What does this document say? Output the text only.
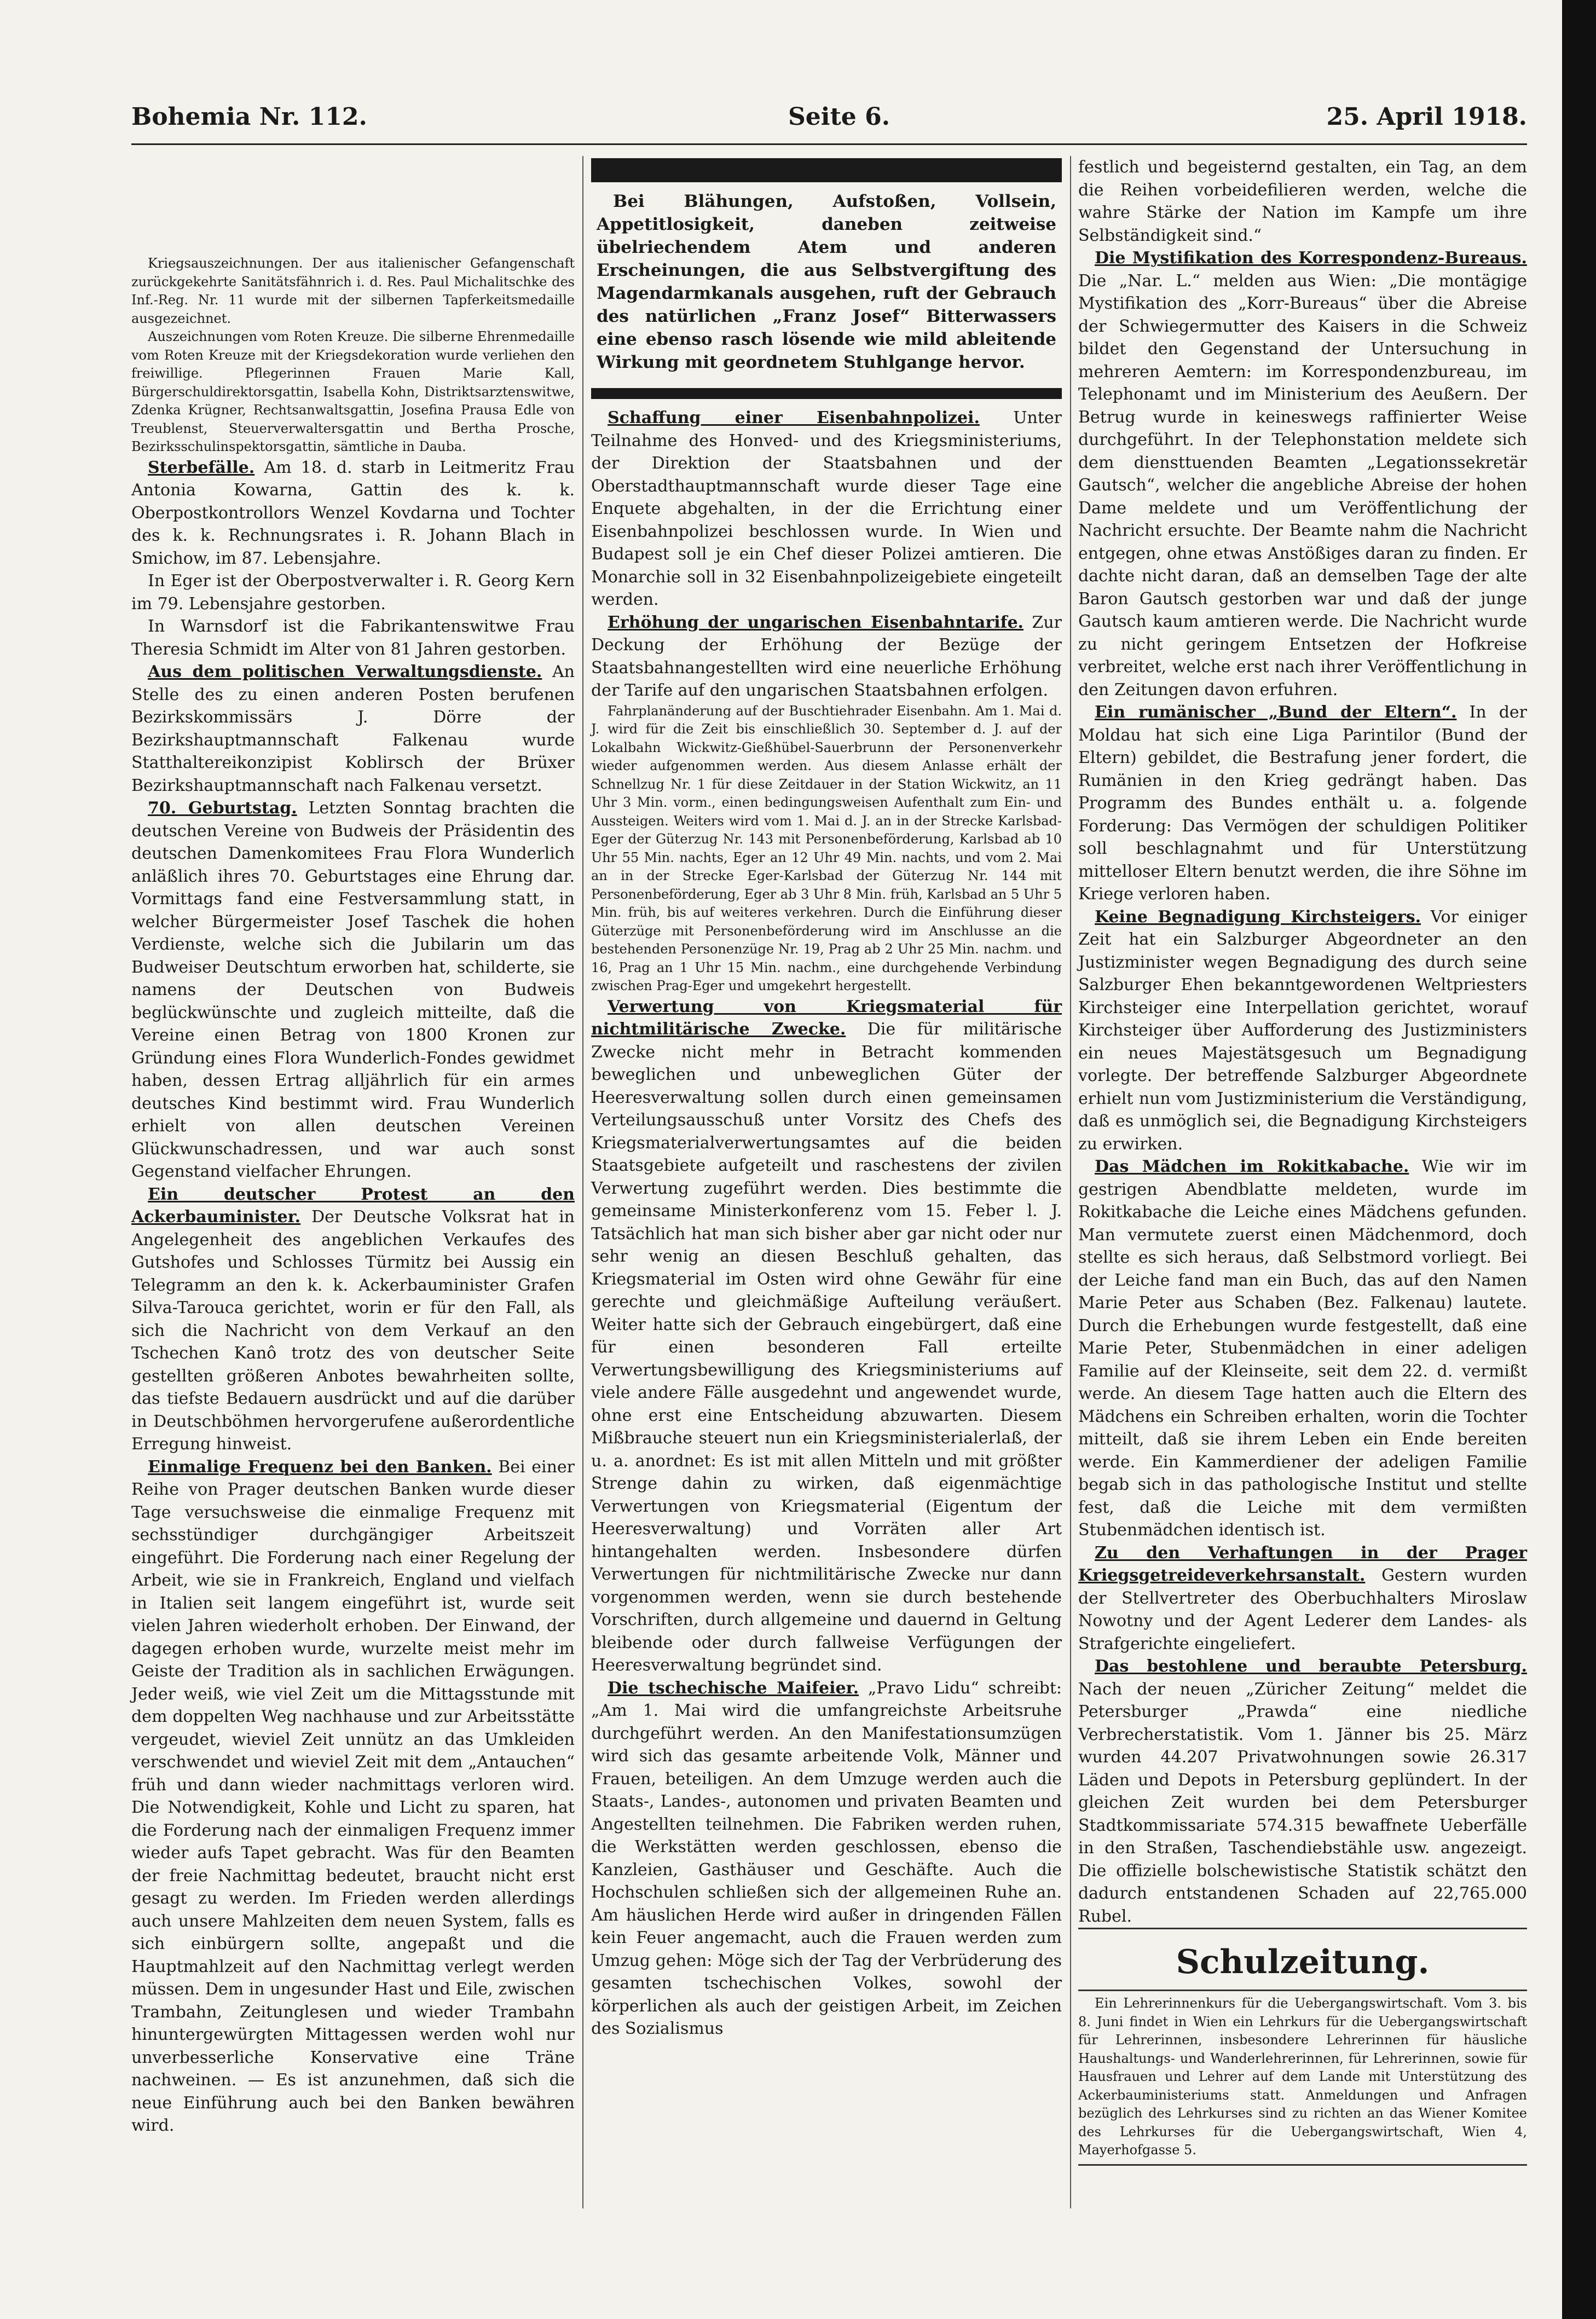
Bohemia Nr. 112.	Seite 6.	25. April 1918.

Kriegsauszeichnungen. Der aus italienischer Gefangenschaft zurückgekehrte Sanitätsfähnrich i. d. Res. Paul Michalitschke des Inf.-Reg. Nr. 11 wurde mit der silbernen Tapferkeitsmedaille ausgezeichnet.

Auszeichnungen vom Roten Kreuze. Die silberne Ehrenmedaille vom Roten Kreuze mit der Kriegsdekoration wurde verliehen den freiwillige. Pflegerinnen Frauen Marie Kall, Bürgerschuldirektorsgattin, Isabella Kohn, Distriktsarztenswitwe, Zdenka Krügner, Rechtsanwaltsgattin, Josefina Prausa Edle von Treublenst, Steuerverwaltersgattin und Bertha Prosche, Bezirksschulinspektorsgattin, sämtliche in Dauba.

Sterbefälle. Am 18. d. starb in Leitmeritz Frau Antonia Kowarna, Gattin des k. k. Oberpostkontrollors Wenzel Kovdarna und Tochter des k. k. Rechnungsrates i. R. Johann Blach in Smichow, im 87. Lebensjahre.

In Eger ist der Oberpostverwalter i. R. Georg Kern im 79. Lebensjahre gestorben.

In Warnsdorf ist die Fabrikantenswitwe Frau Theresia Schmidt im Alter von 81 Jahren gestorben.

Aus dem politischen Verwaltungsdienste. An Stelle des zu einen anderen Posten berufenen Bezirkskommissärs J. Dörre der Bezirkshauptmannschaft Falkenau wurde Statthaltereikonzipist Koblirsch der Brüxer Bezirkshauptmannschaft nach Falkenau versetzt.

70. Geburtstag. Letzten Sonntag brachten die deutschen Vereine von Budweis der Präsidentin des deutschen Damenkomitees Frau Flora Wunderlich anläßlich ihres 70. Geburtstages eine Ehrung dar. Vormittags fand eine Festversammlung statt, in welcher Bürgermeister Josef Taschek die hohen Verdienste, welche sich die Jubilarin um das Budweiser Deutschtum erworben hat, schilderte, sie namens der Deutschen von Budweis beglückwünschte und zugleich mitteilte, daß die Vereine einen Betrag von 1800 Kronen zur Gründung eines Flora Wunderlich-Fondes gewidmet haben, dessen Ertrag alljährlich für ein armes deutsches Kind bestimmt wird. Frau Wunderlich erhielt von allen deutschen Vereinen Glückwunschadressen, und war auch sonst Gegenstand vielfacher Ehrungen.

Ein deutscher Protest an den Ackerbauminister. Der Deutsche Volksrat hat in Angelegenheit des angeblichen Verkaufes des Gutshofes und Schlosses Türmitz bei Aussig ein Telegramm an den k. k. Ackerbauminister Grafen Silva-Tarouca gerichtet, worin er für den Fall, als sich die Nachricht von dem Verkauf an den Tschechen Kanô trotz des von deutscher Seite gestellten größeren Anbotes bewahrheiten sollte, das tiefste Bedauern ausdrückt und auf die darüber in Deutschböhmen hervorgerufene außerordentliche Erregung hinweist.

Einmalige Frequenz bei den Banken. Bei einer Reihe von Prager deutschen Banken wurde dieser Tage versuchsweise die einmalige Frequenz mit sechsstündiger durchgängiger Arbeitszeit eingeführt. Die Forderung nach einer Regelung der Arbeit, wie sie in Frankreich, England und vielfach in Italien seit langem eingeführt ist, wurde seit vielen Jahren wiederholt erhoben. Der Einwand, der dagegen erhoben wurde, wurzelte meist mehr im Geiste der Tradition als in sachlichen Erwägungen. Jeder weiß, wie viel Zeit um die Mittagsstunde mit dem doppelten Weg nachhause und zur Arbeitsstätte vergeudet, wieviel Zeit unnütz an das Umkleiden verschwendet und wieviel Zeit mit dem „Antauchen“ früh und dann wieder nachmittags verloren wird. Die Notwendigkeit, Kohle und Licht zu sparen, hat die Forderung nach der einmaligen Frequenz immer wieder aufs Tapet gebracht. Was für den Beamten der freie Nachmittag bedeutet, braucht nicht erst gesagt zu werden. Im Frieden werden allerdings auch unsere Mahlzeiten dem neuen System, falls es sich einbürgern sollte, angepaßt und die Hauptmahlzeit auf den Nachmittag verlegt werden müssen. Dem in ungesunder Hast und Eile, zwischen Trambahn, Zeitunglesen und wieder Trambahn hinuntergewürgten Mittagessen werden wohl nur unverbesserliche Konservative eine Träne nachweinen. — Es ist anzunehmen, daß sich die neue Einführung auch bei den Banken bewähren wird.

Bei Blähungen, Aufstoßen, Vollsein, Appetitlosigkeit, daneben zeitweise übelriechendem Atem und anderen Erscheinungen, die aus Selbstvergiftung des Magendarmkanals ausgehen, ruft der Gebrauch des natürlichen „Franz Josef“ Bitterwassers eine ebenso rasch lösende wie mild ableitende Wirkung mit geordnetem Stuhlgange hervor.

Schaffung einer Eisenbahnpolizei. Unter Teilnahme des Honved- und des Kriegsministeriums, der Direktion der Staatsbahnen und der Oberstadthauptmannschaft wurde dieser Tage eine Enquete abgehalten, in der die Errichtung einer Eisenbahnpolizei beschlossen wurde. In Wien und Budapest soll je ein Chef dieser Polizei amtieren. Die Monarchie soll in 32 Eisenbahnpolizeigebiete eingeteilt werden.

Erhöhung der ungarischen Eisenbahntarife. Zur Deckung der Erhöhung der Bezüge der Staatsbahnangestellten wird eine neuerliche Erhöhung der Tarife auf den ungarischen Staatsbahnen erfolgen.

Fahrplanänderung auf der Buschtiehrader Eisenbahn. Am 1. Mai d. J. wird für die Zeit bis einschließlich 30. September d. J. auf der Lokalbahn Wickwitz-Gießhübel-Sauerbrunn der Personenverkehr wieder aufgenommen werden. Aus diesem Anlasse erhält der Schnellzug Nr. 1 für diese Zeitdauer in der Station Wickwitz, an 11 Uhr 3 Min. vorm., einen bedingungsweisen Aufenthalt zum Ein- und Aussteigen. Weiters wird vom 1. Mai d. J. an in der Strecke Karlsbad-Eger der Güterzug Nr. 143 mit Personenbeförderung, Karlsbad ab 10 Uhr 55 Min. nachts, Eger an 12 Uhr 49 Min. nachts, und vom 2. Mai an in der Strecke Eger-Karlsbad der Güterzug Nr. 144 mit Personenbeförderung, Eger ab 3 Uhr 8 Min. früh, Karlsbad an 5 Uhr 5 Min. früh, bis auf weiteres verkehren. Durch die Einführung dieser Güterzüge mit Personenbeförderung wird im Anschlusse an die bestehenden Personenzüge Nr. 19, Prag ab 2 Uhr 25 Min. nachm. und 16, Prag an 1 Uhr 15 Min. nachm., eine durchgehende Verbindung zwischen Prag-Eger und umgekehrt hergestellt.

Verwertung von Kriegsmaterial für nichtmilitärische Zwecke. Die für militärische Zwecke nicht mehr in Betracht kommenden beweglichen und unbeweglichen Güter der Heeresverwaltung sollen durch einen gemeinsamen Verteilungsausschuß unter Vorsitz des Chefs des Kriegsmaterialverwertungsamtes auf die beiden Staatsgebiete aufgeteilt und raschestens der zivilen Verwertung zugeführt werden. Dies bestimmte die gemeinsame Ministerkonferenz vom 15. Feber l. J. Tatsächlich hat man sich bisher aber gar nicht oder nur sehr wenig an diesen Beschluß gehalten, das Kriegsmaterial im Osten wird ohne Gewähr für eine gerechte und gleichmäßige Aufteilung veräußert. Weiter hatte sich der Gebrauch eingebürgert, daß eine für einen besonderen Fall erteilte Verwertungsbewilligung des Kriegsministeriums auf viele andere Fälle ausgedehnt und angewendet wurde, ohne erst eine Entscheidung abzuwarten. Diesem Mißbrauche steuert nun ein Kriegsministerialerlaß, der u. a. anordnet: Es ist mit allen Mitteln und mit größter Strenge dahin zu wirken, daß eigenmächtige Verwertungen von Kriegsmaterial (Eigentum der Heeresverwaltung) und Vorräten aller Art hintangehalten werden. Insbesondere dürfen Verwertungen für nichtmilitärische Zwecke nur dann vorgenommen werden, wenn sie durch bestehende Vorschriften, durch allgemeine und dauernd in Geltung bleibende oder durch fallweise Verfügungen der Heeresverwaltung begründet sind.

Die tschechische Maifeier. „Pravo Lidu“ schreibt: „Am 1. Mai wird die umfangreichste Arbeitsruhe durchgeführt werden. An den Manifestationsumzügen wird sich das gesamte arbeitende Volk, Männer und Frauen, beteiligen. An dem Umzuge werden auch die Staats-, Landes-, autonomen und privaten Beamten und Angestellten teilnehmen. Die Fabriken werden ruhen, die Werkstätten werden geschlossen, ebenso die Kanzleien, Gasthäuser und Geschäfte. Auch die Hochschulen schließen sich der allgemeinen Ruhe an. Am häuslichen Herde wird außer in dringenden Fällen kein Feuer angemacht, auch die Frauen werden zum Umzug gehen: Möge sich der Tag der Verbrüderung des gesamten tschechischen Volkes, sowohl der körperlichen als auch der geistigen Arbeit, im Zeichen des Sozialismus

festlich und begeisternd gestalten, ein Tag, an dem die Reihen vorbeidefilieren werden, welche die wahre Stärke der Nation im Kampfe um ihre Selbständigkeit sind.“

Die Mystifikation des Korrespondenz-Bureaus. Die „Nar. L.“ melden aus Wien: „Die montägige Mystifikation des „Korr-Bureaus“ über die Abreise der Schwiegermutter des Kaisers in die Schweiz bildet den Gegenstand der Untersuchung in mehreren Aemtern: im Korrespondenzbureau, im Telephonamt und im Ministerium des Aeußern. Der Betrug wurde in keineswegs raffinierter Weise durchgeführt. In der Telephonstation meldete sich dem diensttuenden Beamten „Legationssekretär Gautsch“, welcher die angebliche Abreise der hohen Dame meldete und um Veröffentlichung der Nachricht ersuchte. Der Beamte nahm die Nachricht entgegen, ohne etwas Anstößiges daran zu finden. Er dachte nicht daran, daß an demselben Tage der alte Baron Gautsch gestorben war und daß der junge Gautsch kaum amtieren werde. Die Nachricht wurde zu nicht geringem Entsetzen der Hofkreise verbreitet, welche erst nach ihrer Veröffentlichung in den Zeitungen davon erfuhren.

Ein rumänischer „Bund der Eltern“. In der Moldau hat sich eine Liga Parintilor (Bund der Eltern) gebildet, die Bestrafung jener fordert, die Rumänien in den Krieg gedrängt haben. Das Programm des Bundes enthält u. a. folgende Forderung: Das Vermögen der schuldigen Politiker soll beschlagnahmt und für Unterstützung mittelloser Eltern benutzt werden, die ihre Söhne im Kriege verloren haben.

Keine Begnadigung Kirchsteigers. Vor einiger Zeit hat ein Salzburger Abgeordneter an den Justizminister wegen Begnadigung des durch seine Salzburger Ehen bekanntgewordenen Weltpriesters Kirchsteiger eine Interpellation gerichtet, worauf Kirchsteiger über Aufforderung des Justizministers ein neues Majestätsgesuch um Begnadigung vorlegte. Der betreffende Salzburger Abgeordnete erhielt nun vom Justizministerium die Verständigung, daß es unmöglich sei, die Begnadigung Kirchsteigers zu erwirken.

Das Mädchen im Rokitkabache. Wie wir im gestrigen Abendblatte meldeten, wurde im Rokitkabache die Leiche eines Mädchens gefunden. Man vermutete zuerst einen Mädchenmord, doch stellte es sich heraus, daß Selbstmord vorliegt. Bei der Leiche fand man ein Buch, das auf den Namen Marie Peter aus Schaben (Bez. Falkenau) lautete. Durch die Erhebungen wurde festgestellt, daß eine Marie Peter, Stubenmädchen in einer adeligen Familie auf der Kleinseite, seit dem 22. d. vermißt werde. An diesem Tage hatten auch die Eltern des Mädchens ein Schreiben erhalten, worin die Tochter mitteilt, daß sie ihrem Leben ein Ende bereiten werde. Ein Kammerdiener der adeligen Familie begab sich in das pathologische Institut und stellte fest, daß die Leiche mit dem vermißten Stubenmädchen identisch ist.

Zu den Verhaftungen in der Prager Kriegsgetreideverkehrsanstalt. Gestern wurden der Stellvertreter des Oberbuchhalters Miroslaw Nowotny und der Agent Lederer dem Landes- als Strafgerichte eingeliefert.

Das bestohlene und beraubte Petersburg. Nach der neuen „Züricher Zeitung“ meldet die Petersburger „Prawda“ eine niedliche Verbrecherstatistik. Vom 1. Jänner bis 25. März wurden 44.207 Privatwohnungen sowie 26.317 Läden und Depots in Petersburg geplündert. In der gleichen Zeit wurden bei dem Petersburger Stadtkommissariate 574.315 bewaffnete Ueberfälle in den Straßen, Taschendiebstähle usw. angezeigt. Die offizielle bolschewistische Statistik schätzt den dadurch entstandenen Schaden auf 22,765.000 Rubel.

Schulzeitung.

Ein Lehrerinnenkurs für die Uebergangswirtschaft. Vom 3. bis 8. Juni findet in Wien ein Lehrkurs für die Uebergangswirtschaft für Lehrerinnen, insbesondere Lehrerinnen für häusliche Haushaltungs- und Wanderlehrerinnen, für Lehrerinnen, sowie für Hausfrauen und Lehrer auf dem Lande mit Unterstützung des Ackerbauministeriums statt. Anmeldungen und Anfragen bezüglich des Lehrkurses sind zu richten an das Wiener Komitee des Lehrkurses für die Uebergangswirtschaft, Wien 4, Mayerhofgasse 5.
